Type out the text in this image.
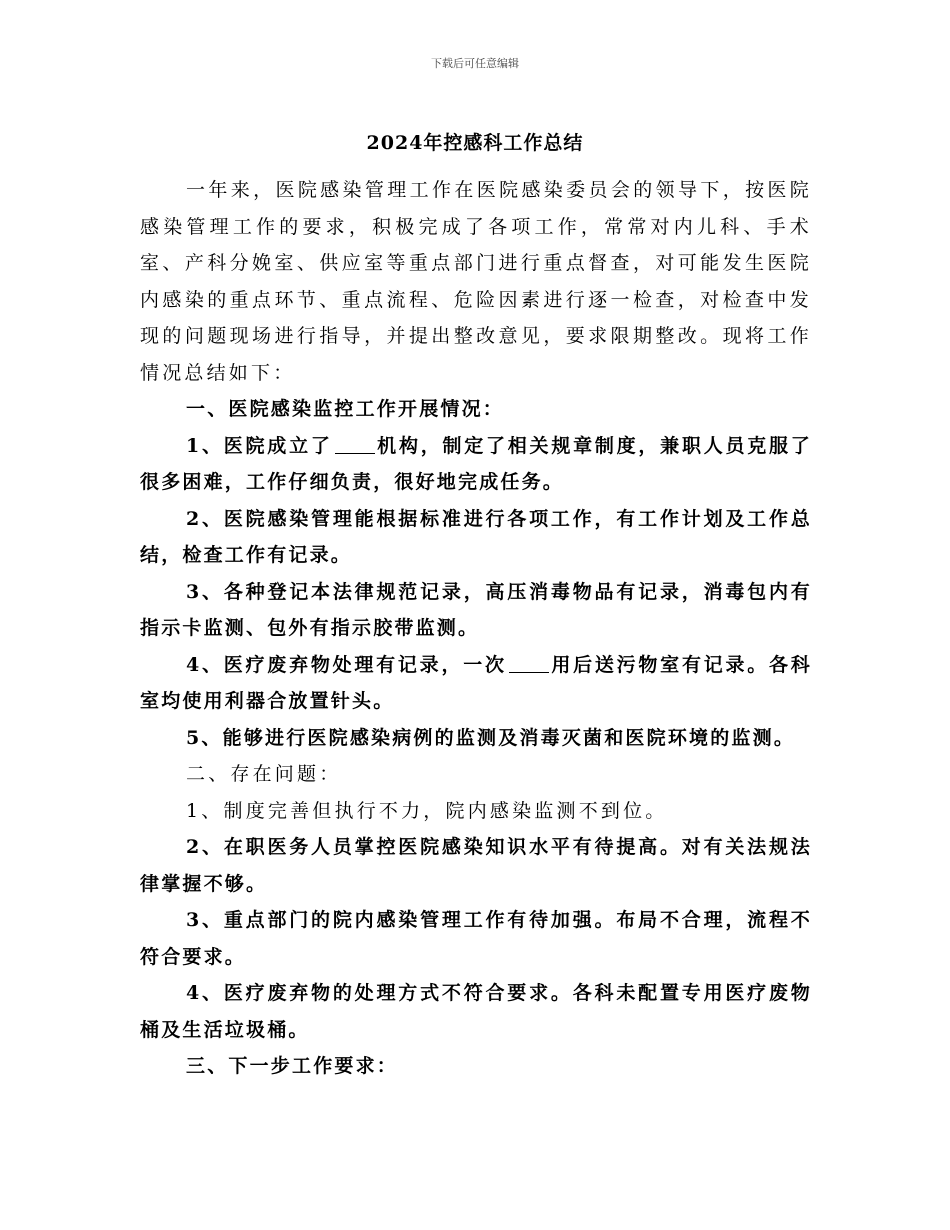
下载后可任意编辑
2024年控感科工作总结

一年来，医院感染管理工作在医院感染委员会的领导下，按医院感染管理工作的要求，积极完成了各项工作，常常对内儿科、手术室、产科分娩室、供应室等重点部门进行重点督查，对可能发生医院内感染的重点环节、重点流程、危险因素进行逐一检查，对检查中发现的问题现场进行指导，并提出整改意见，要求限期整改。现将工作情况总结如下：

一、医院感染监控工作开展情况：

1、医院成立了 机构，制定了相关规章制度，兼职人员克服了很多困难，工作仔细负责，很好地完成任务。

2、医院感染管理能根据标准进行各项工作，有工作计划及工作总结，检查工作有记录。

3、各种登记本法律规范记录，高压消毒物品有记录，消毒包内有指示卡监测、包外有指示胶带监测。

4、医疗废弃物处理有记录，一次 用后送污物室有记录。各科室均使用利器合放置针头。

5、能够进行医院感染病例的监测及消毒灭菌和医院环境的监测。

二、存在问题：

1、制度完善但执行不力，院内感染监测不到位。

2、在职医务人员掌控医院感染知识水平有待提高。对有关法规法律掌握不够。

3、重点部门的院内感染管理工作有待加强。布局不合理，流程不符合要求。

4、医疗废弃物的处理方式不符合要求。各科未配置专用医疗废物桶及生活垃圾桶。

三、下一步工作要求：
